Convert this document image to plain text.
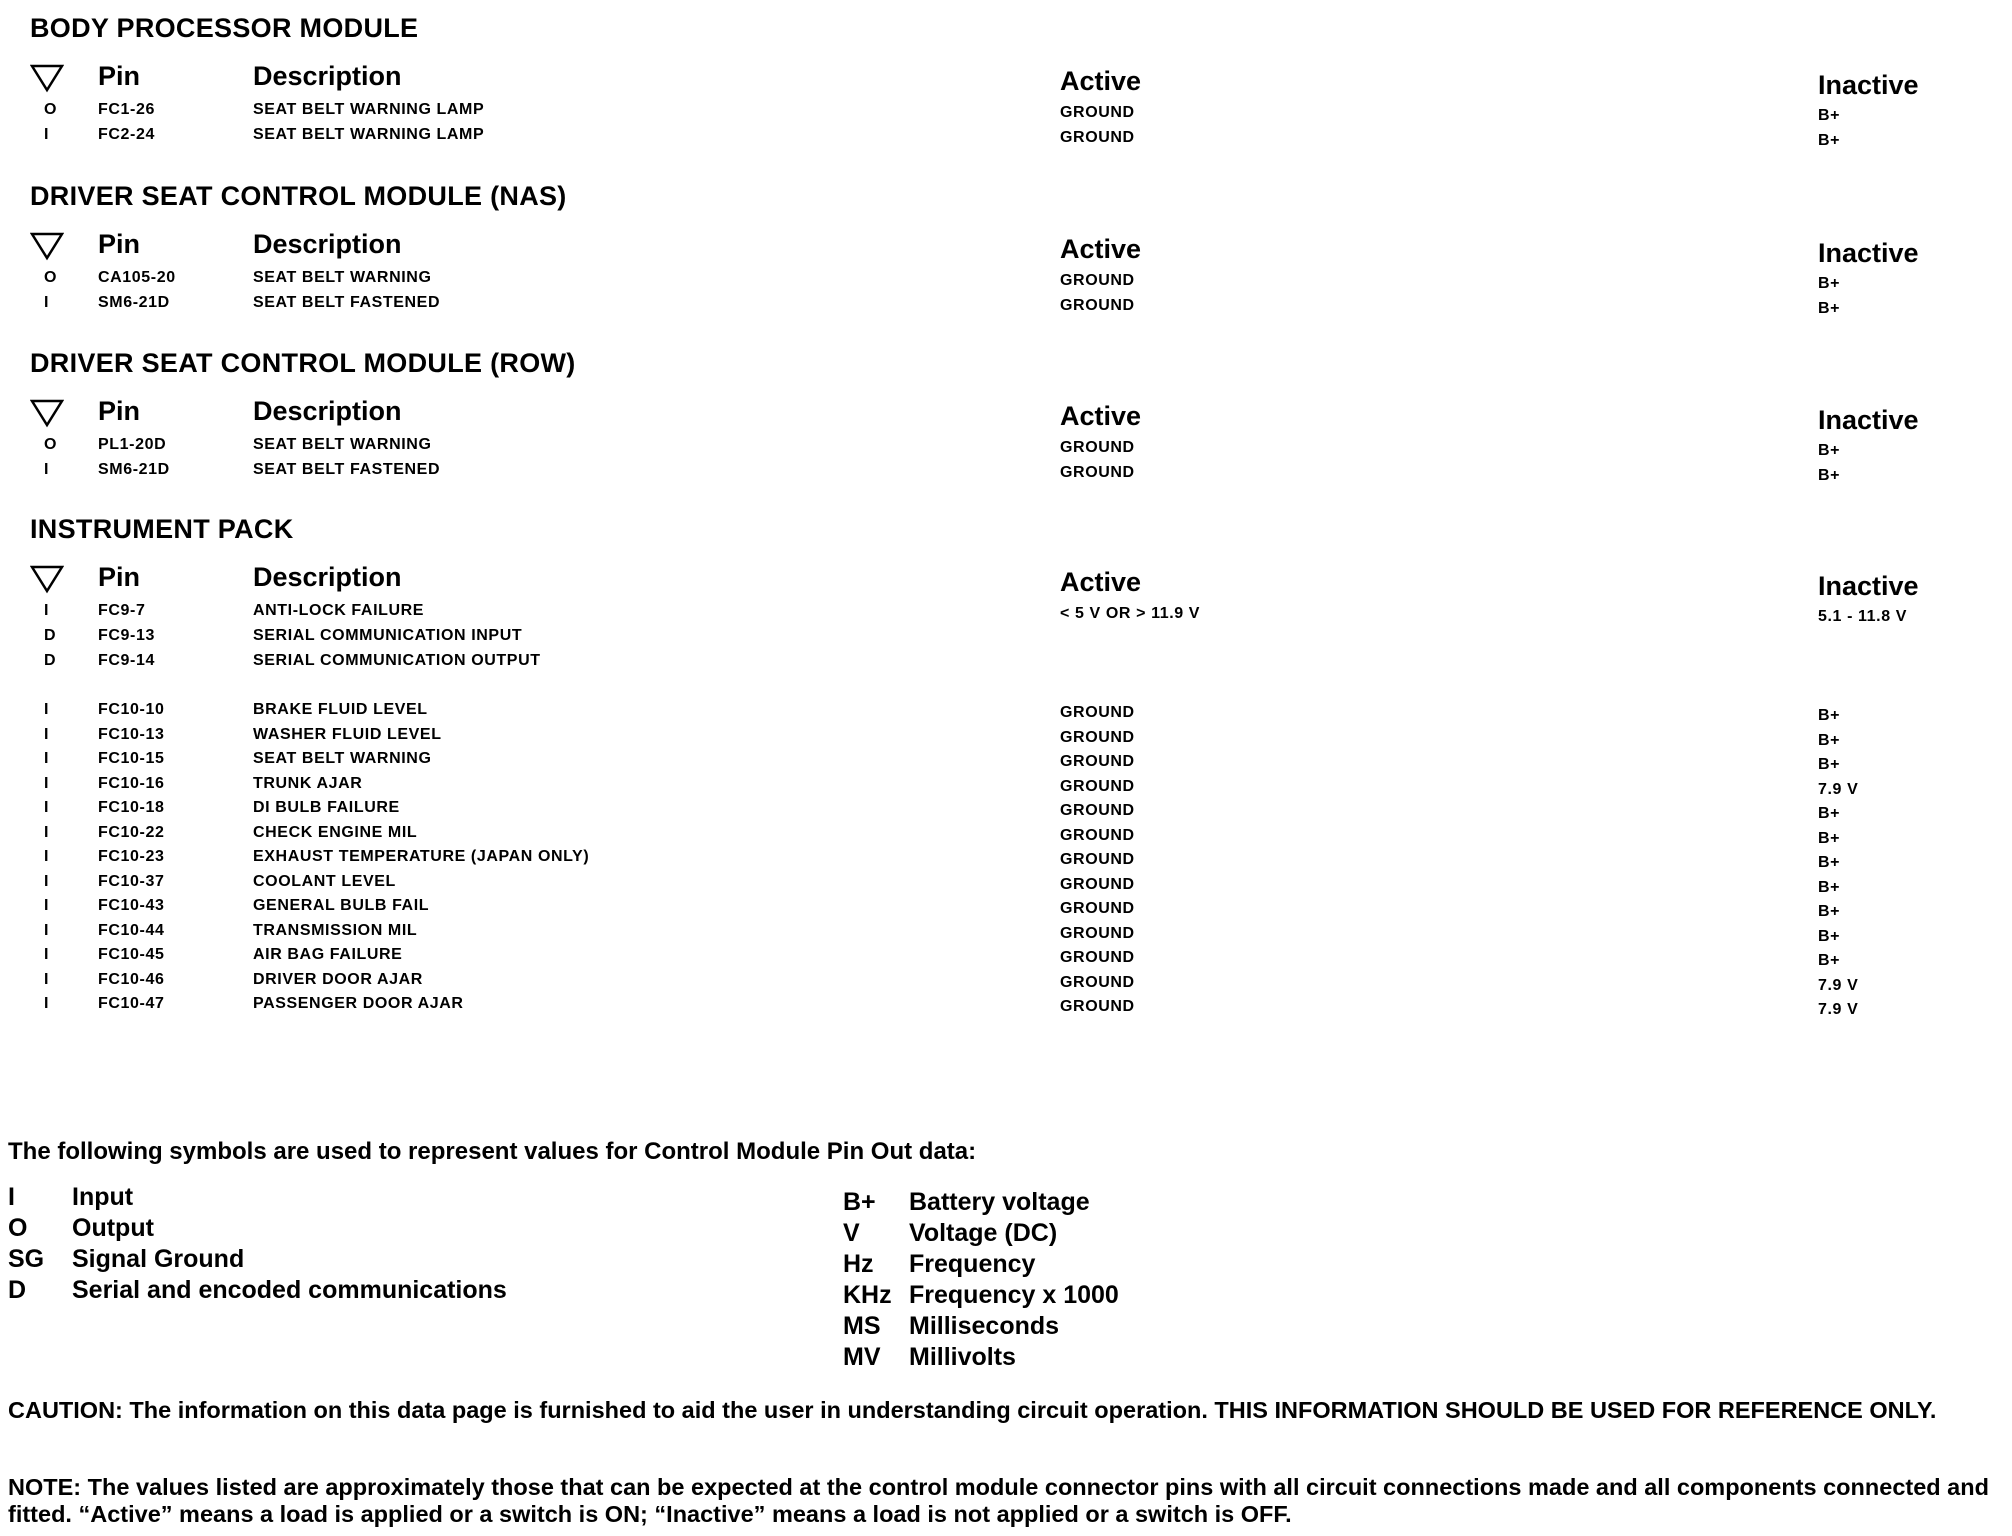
BODY PROCESSOR MODULE
Pin	Description	Active	Inactive
O	FC1-26	SEAT BELT WARNING LAMP	GROUND	B+
I	FC2-24	SEAT BELT WARNING LAMP	GROUND	B+
DRIVER SEAT CONTROL MODULE (NAS)
Pin	Description	Active	Inactive
O	CA105-20	SEAT BELT WARNING	GROUND	B+
I	SM6-21D	SEAT BELT FASTENED	GROUND	B+
DRIVER SEAT CONTROL MODULE (ROW)
Pin	Description	Active	Inactive
O	PL1-20D	SEAT BELT WARNING	GROUND	B+
I	SM6-21D	SEAT BELT FASTENED	GROUND	B+
INSTRUMENT PACK
Pin	Description	Active	Inactive
I	FC9-7	ANTI-LOCK FAILURE	< 5 V OR > 11.9 V	5.1 - 11.8 V
D	FC9-13	SERIAL COMMUNICATION INPUT
D	FC9-14	SERIAL COMMUNICATION OUTPUT
I	FC10-10	BRAKE FLUID LEVEL	GROUND	B+
I	FC10-13	WASHER FLUID LEVEL	GROUND	B+
I	FC10-15	SEAT BELT WARNING	GROUND	B+
I	FC10-16	TRUNK AJAR	GROUND	7.9 V
I	FC10-18	DI BULB FAILURE	GROUND	B+
I	FC10-22	CHECK ENGINE MIL	GROUND	B+
I	FC10-23	EXHAUST TEMPERATURE (JAPAN ONLY)	GROUND	B+
I	FC10-37	COOLANT LEVEL	GROUND	B+
I	FC10-43	GENERAL BULB FAIL	GROUND	B+
I	FC10-44	TRANSMISSION MIL	GROUND	B+
I	FC10-45	AIR BAG FAILURE	GROUND	B+
I	FC10-46	DRIVER DOOR AJAR	GROUND	7.9 V
I	FC10-47	PASSENGER DOOR AJAR	GROUND	7.9 V
The following symbols are used to represent values for Control Module Pin Out data:
I Input
O Output
SG Signal Ground
D Serial and encoded communications
B+ Battery voltage
V Voltage (DC)
Hz Frequency
KHz Frequency x 1000
MS Milliseconds
MV Millivolts
CAUTION: The information on this data page is furnished to aid the user in understanding circuit operation. THIS INFORMATION SHOULD BE USED FOR REFERENCE ONLY.
NOTE: The values listed are approximately those that can be expected at the control module connector pins with all circuit connections made and all components connected and fitted. “Active” means a load is applied or a switch is ON; “Inactive” means a load is not applied or a switch is OFF.
